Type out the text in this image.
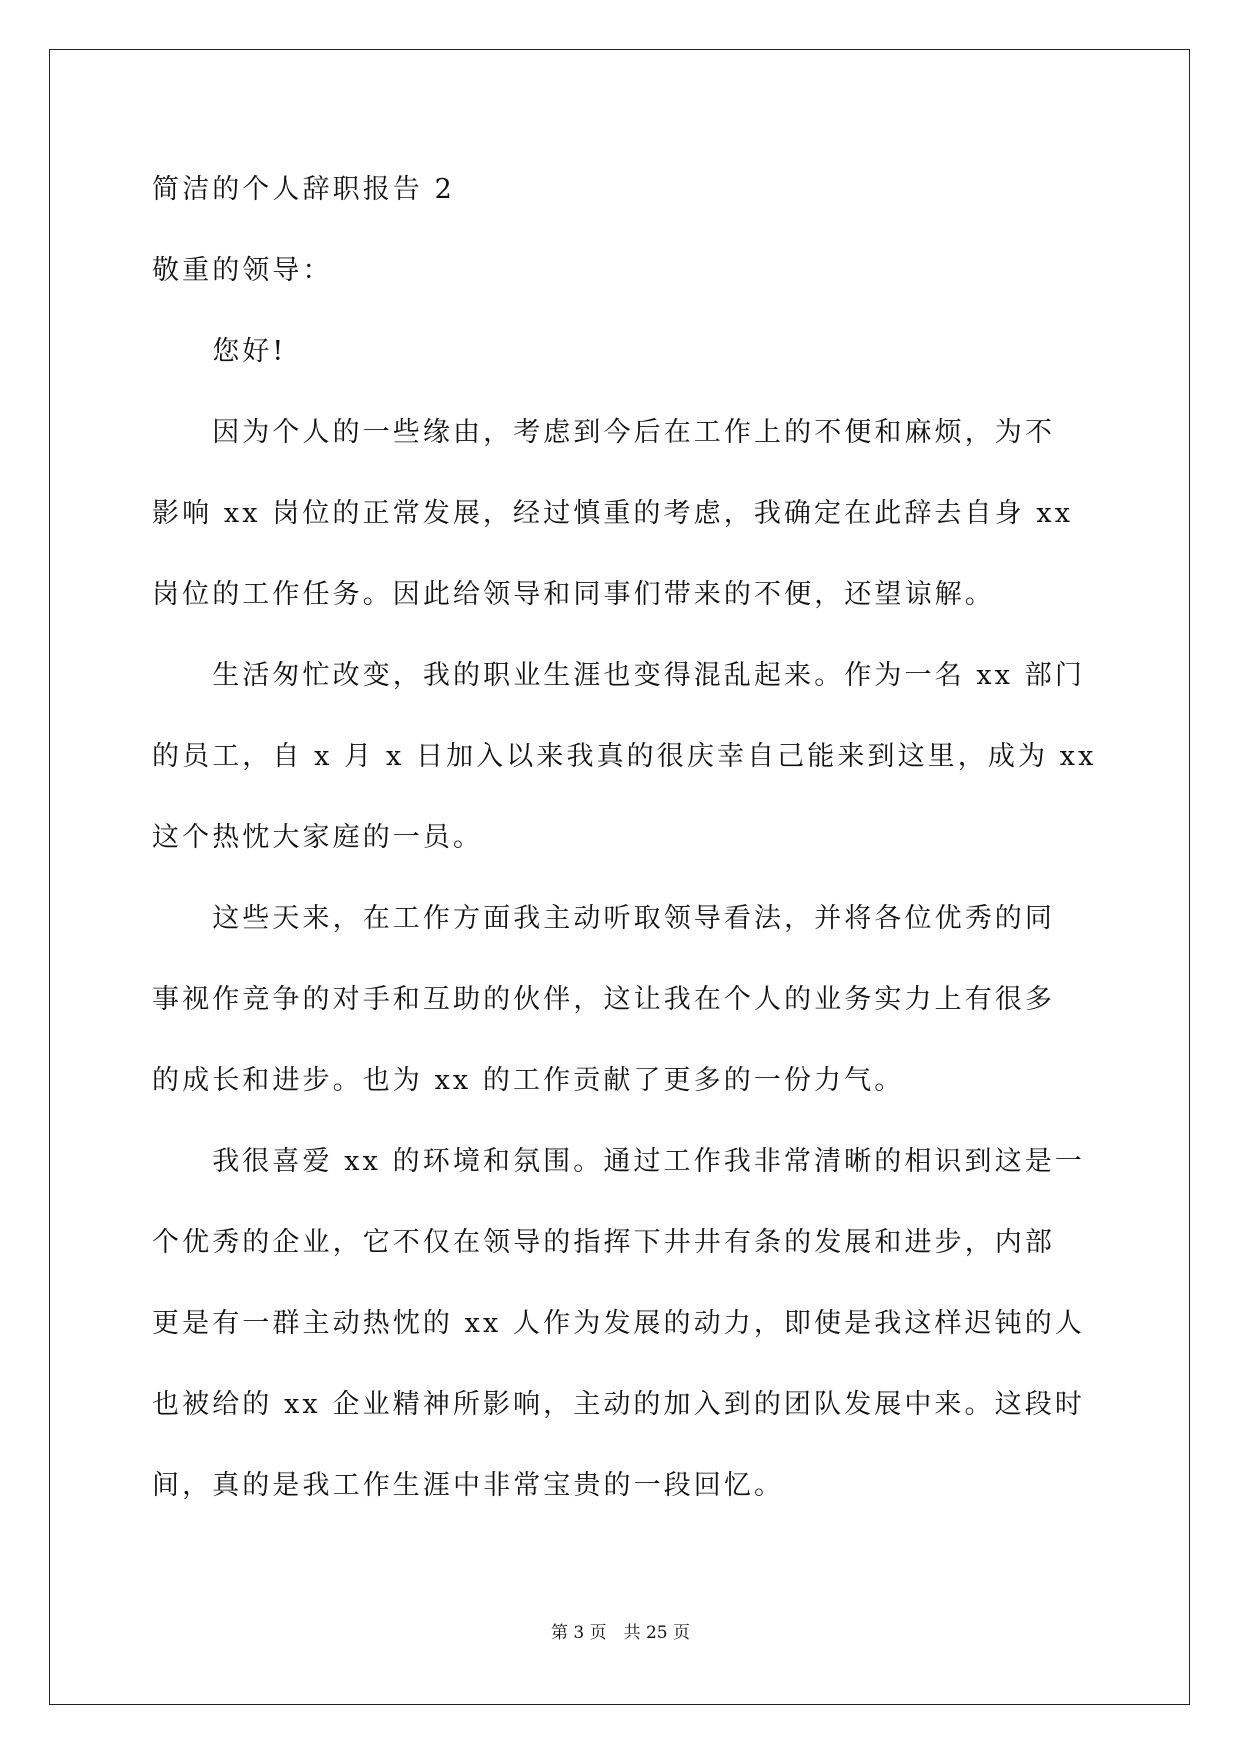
简洁的个人辞职报告 2
敬重的领导：
　　您好!
　　因为个人的一些缘由，考虑到今后在工作上的不便和麻烦，为不
影响 xx 岗位的正常发展，经过慎重的考虑，我确定在此辞去自身 xx
岗位的工作任务。因此给领导和同事们带来的不便，还望谅解。
　　生活匆忙改变，我的职业生涯也变得混乱起来。作为一名 xx 部门
的员工，自 x 月 x 日加入以来我真的很庆幸自己能来到这里，成为 xx
这个热忱大家庭的一员。
　　这些天来，在工作方面我主动听取领导看法，并将各位优秀的同
事视作竞争的对手和互助的伙伴，这让我在个人的业务实力上有很多
的成长和进步。也为 xx 的工作贡献了更多的一份力气。
　　我很喜爱 xx 的环境和氛围。通过工作我非常清晰的相识到这是一
个优秀的企业，它不仅在领导的指挥下井井有条的发展和进步，内部
更是有一群主动热忱的 xx 人作为发展的动力，即使是我这样迟钝的人
也被给的 xx 企业精神所影响，主动的加入到的团队发展中来。这段时
间，真的是我工作生涯中非常宝贵的一段回忆。
第 3 页　共 25 页
